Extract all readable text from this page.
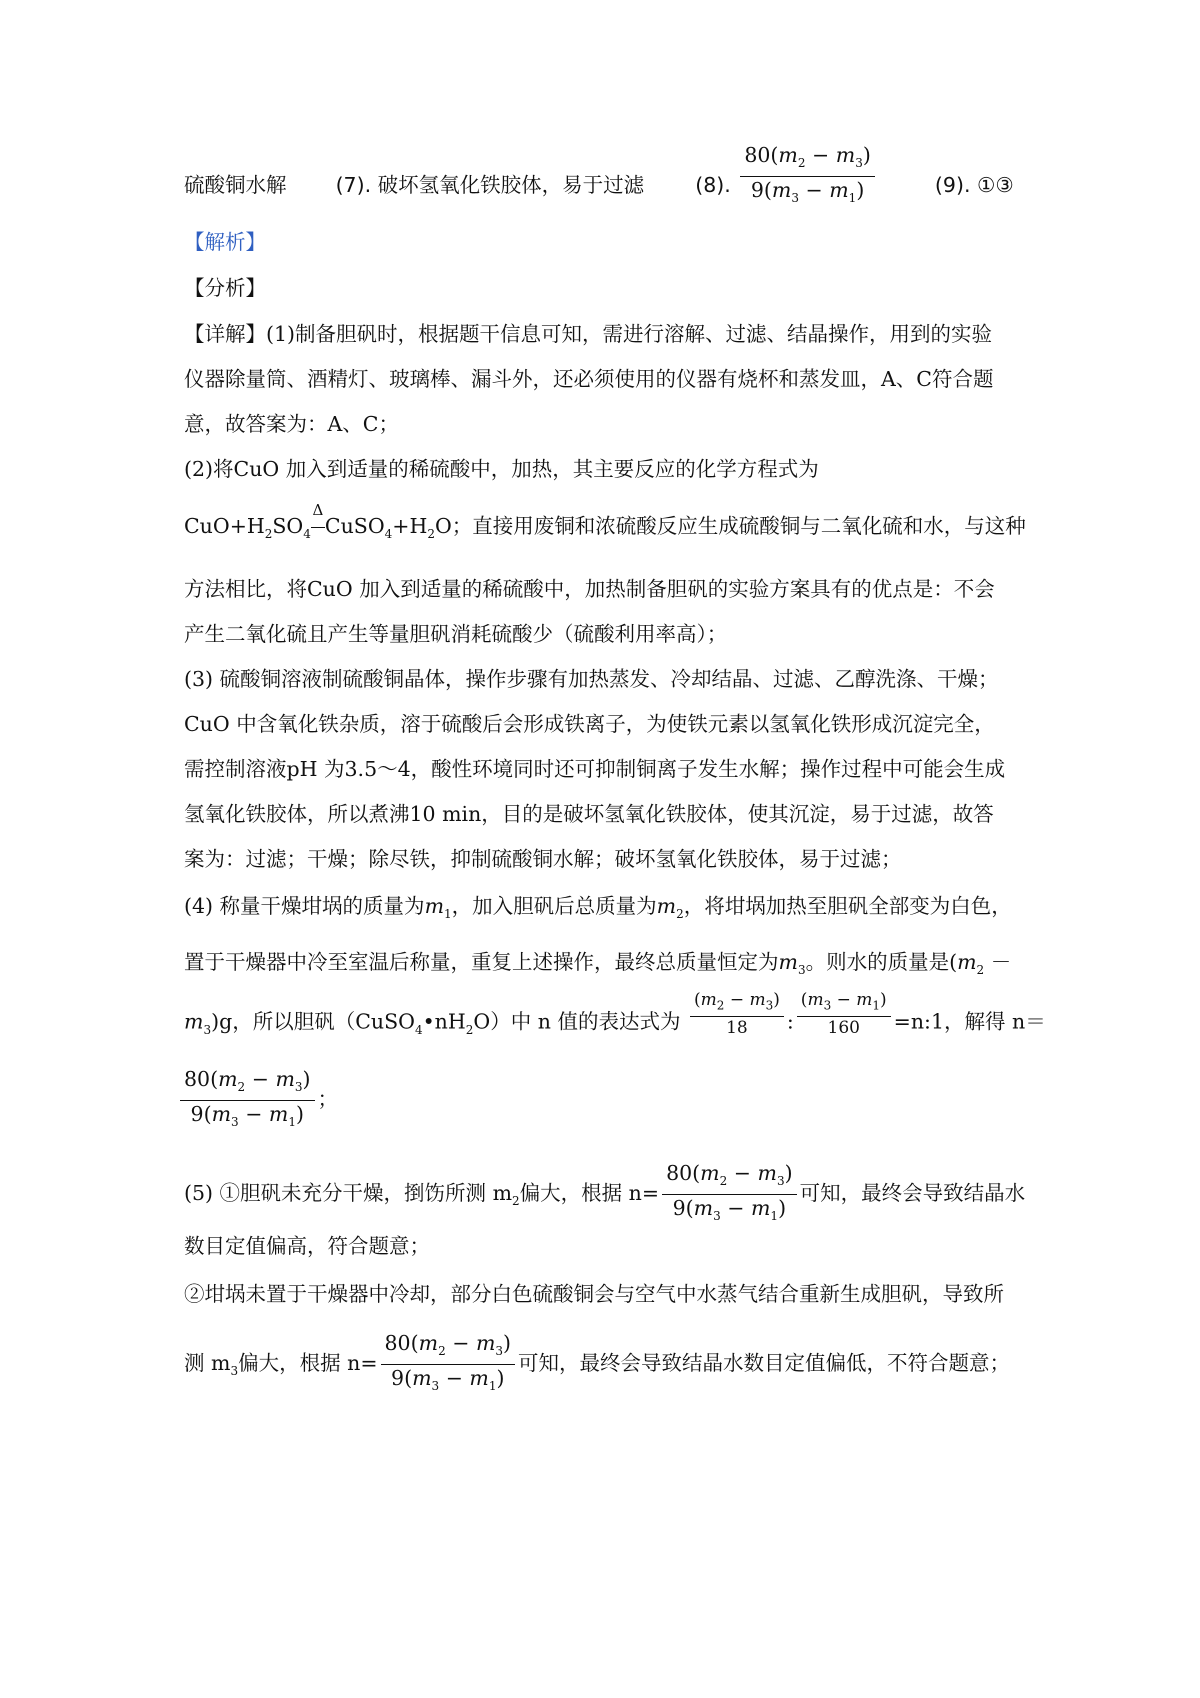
硫酸铜水解 (7). 破坏氢氧化铁胶体，易于过滤 (8). $\frac{80(m_2 - m_3)}{9(m_3 - m_1)}$	(9). ①③
【解析】
【分析】
【详解】(1)制备胆矾时，根据题干信息可知，需进行溶解、过滤、结晶操作，用到的实验
仪器除量筒、酒精灯、玻璃棒、漏斗外，还必须使用的仪器有烧杯和蒸发皿，A、C符合题
意，故答案为：A、C；
(2)将CuO 加入到适量的稀硫酸中，加热，其主要反应的化学方程式为
$CuO+H_2SO_4$
Δ
$CuSO_4+H_2O$；直接用废铜和浓硫酸反应生成硫酸铜与二氧化硫和水，与这种
方法相比，将CuO 加入到适量的稀硫酸中，加热制备胆矾的实验方案具有的优点是：不会
产生二氧化硫且产生等量胆矾消耗硫酸少（硫酸利用率高）；
(3) 硫酸铜溶液制硫酸铜晶体，操作步骤有加热蒸发、冷却结晶、过滤、乙醇洗涤、干燥；
CuO 中含氧化铁杂质，溶于硫酸后会形成铁离子，为使铁元素以氢氧化铁形成沉淀完全，
需控制溶液pH 为3.5～4，酸性环境同时还可抑制铜离子发生水解；操作过程中可能会生成
氢氧化铁胶体，所以煮沸10 min，目的是破坏氢氧化铁胶体，使其沉淀，易于过滤，故答
案为：过滤；干燥；除尽铁，抑制硫酸铜水解；破坏氢氧化铁胶体，易于过滤；
(4) 称量干燥坩埚的质量为$m_1$，加入胆矾后总质量为$m_2$，将坩埚加热至胆矾全部变为白色，
置于干燥器中冷至室温后称量，重复上述操作，最终总质量恒定为$m_3$。则水的质量是($m_2$ －
$m_3)g$，所以胆矾$(CuSO_4•nH_2O)$中 n 值的表达式为 $\frac{(m_2 - m_3)}{18}$ : $\frac{(m_3 - m_1)}{160}$ =n:1，解得 n＝
$\frac{80(m_2 - m_3)}{9(m_3 - m_1)}$ ；
(5) ①胆矾未充分干燥，捯饬所测 $m_2$偏大，根据 $n= \frac{80(m_2 - m_3)}{9(m_3 - m_1)}$ 可知，最终会导致结晶水
数目定值偏高，符合题意；
②坩埚未置于干燥器中冷却，部分白色硫酸铜会与空气中水蒸气结合重新生成胆矾，导致所
测 $m_3$偏大，根据 $n= \frac{80(m_2 - m_3)}{9(m_3 - m_1)}$ 可知，最终会导致结晶水数目定值偏低，不符合题意；
